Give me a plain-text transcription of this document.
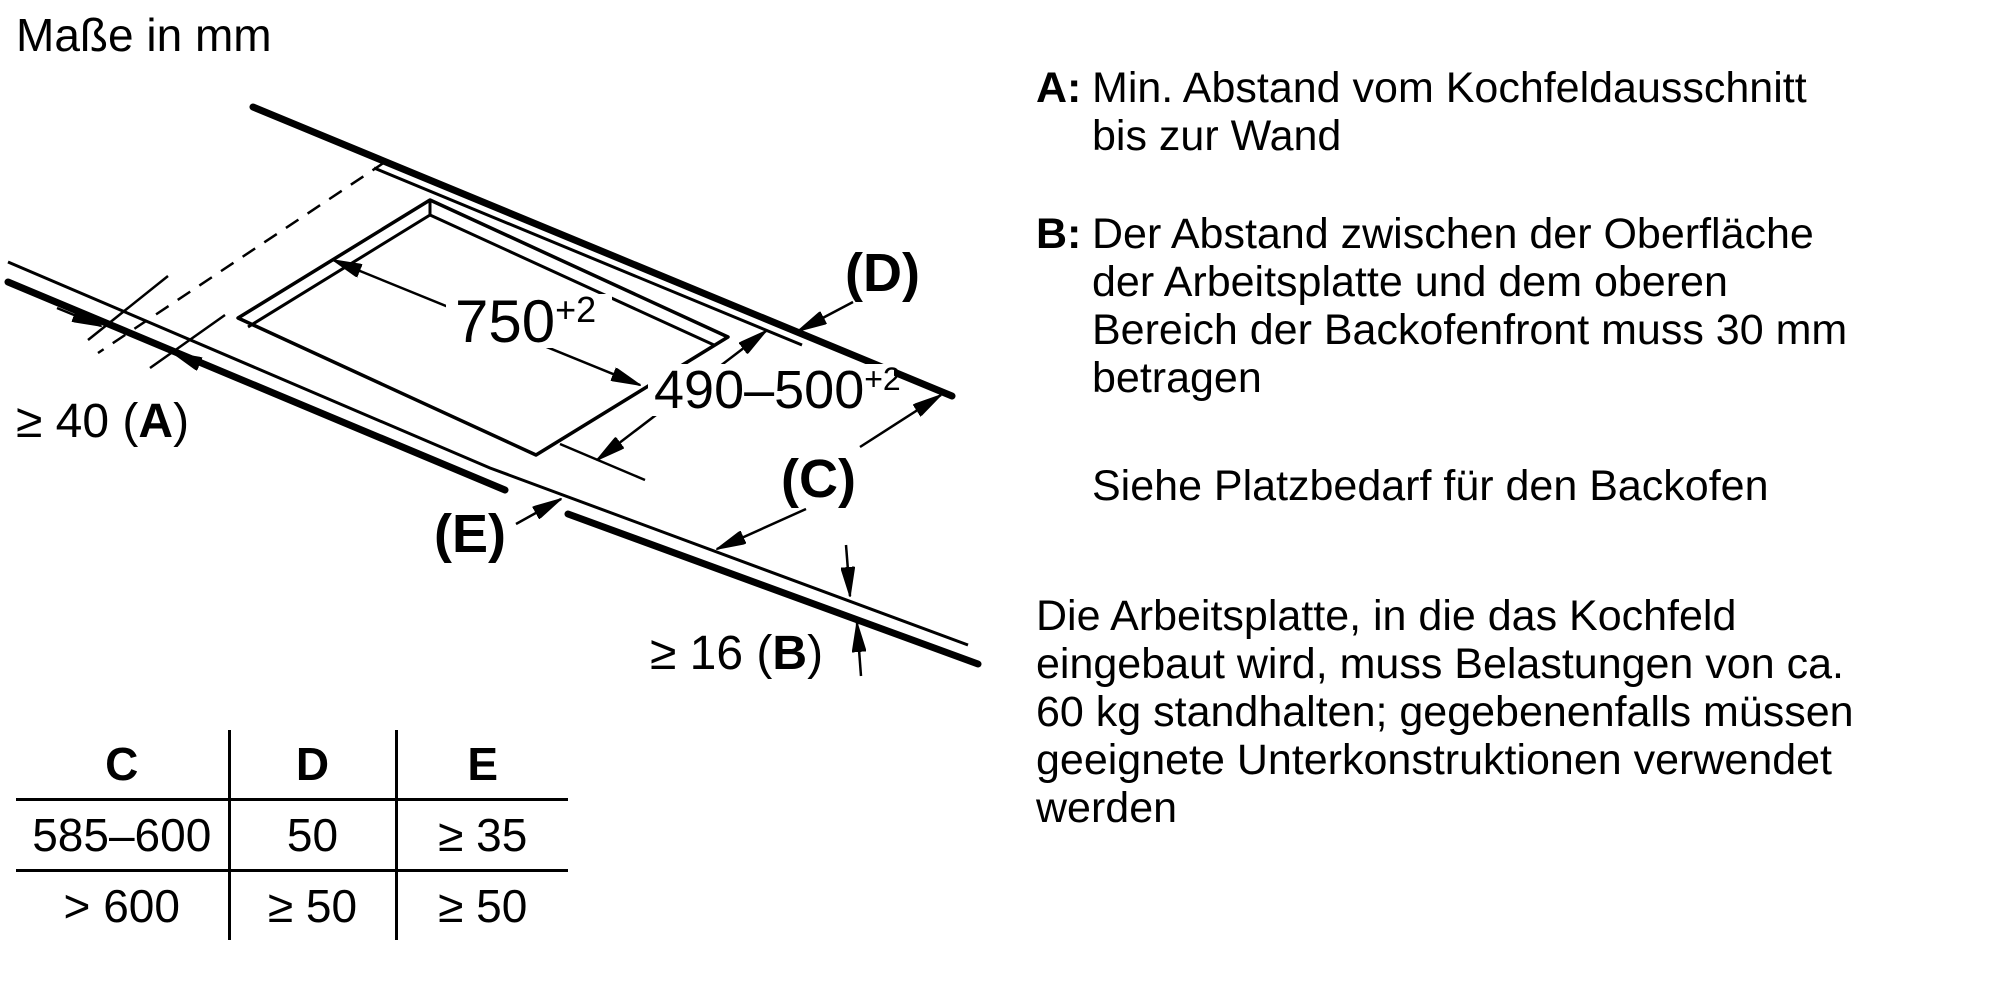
Maße in mm
$750^{+2}$
$490-500^{+2}$
(D)
(C)
(E)
≥ 40 (A)
≥ 16 (B)
C	D	E
585–600	50	≥ 35
> 600	≥ 50	≥ 50
A: Min. Abstand vom Kochfeldausschnitt
bis zur Wand
B: Der Abstand zwischen der Oberfläche
der Arbeitsplatte und dem oberen
Bereich der Backofenfront muss 30 mm
betragen
Siehe Platzbedarf für den Backofen
Die Arbeitsplatte, in die das Kochfeld
eingebaut wird, muss Belastungen von ca.
60 kg standhalten; gegebenenfalls müssen
geeignete Unterkonstruktionen verwendet
werden
